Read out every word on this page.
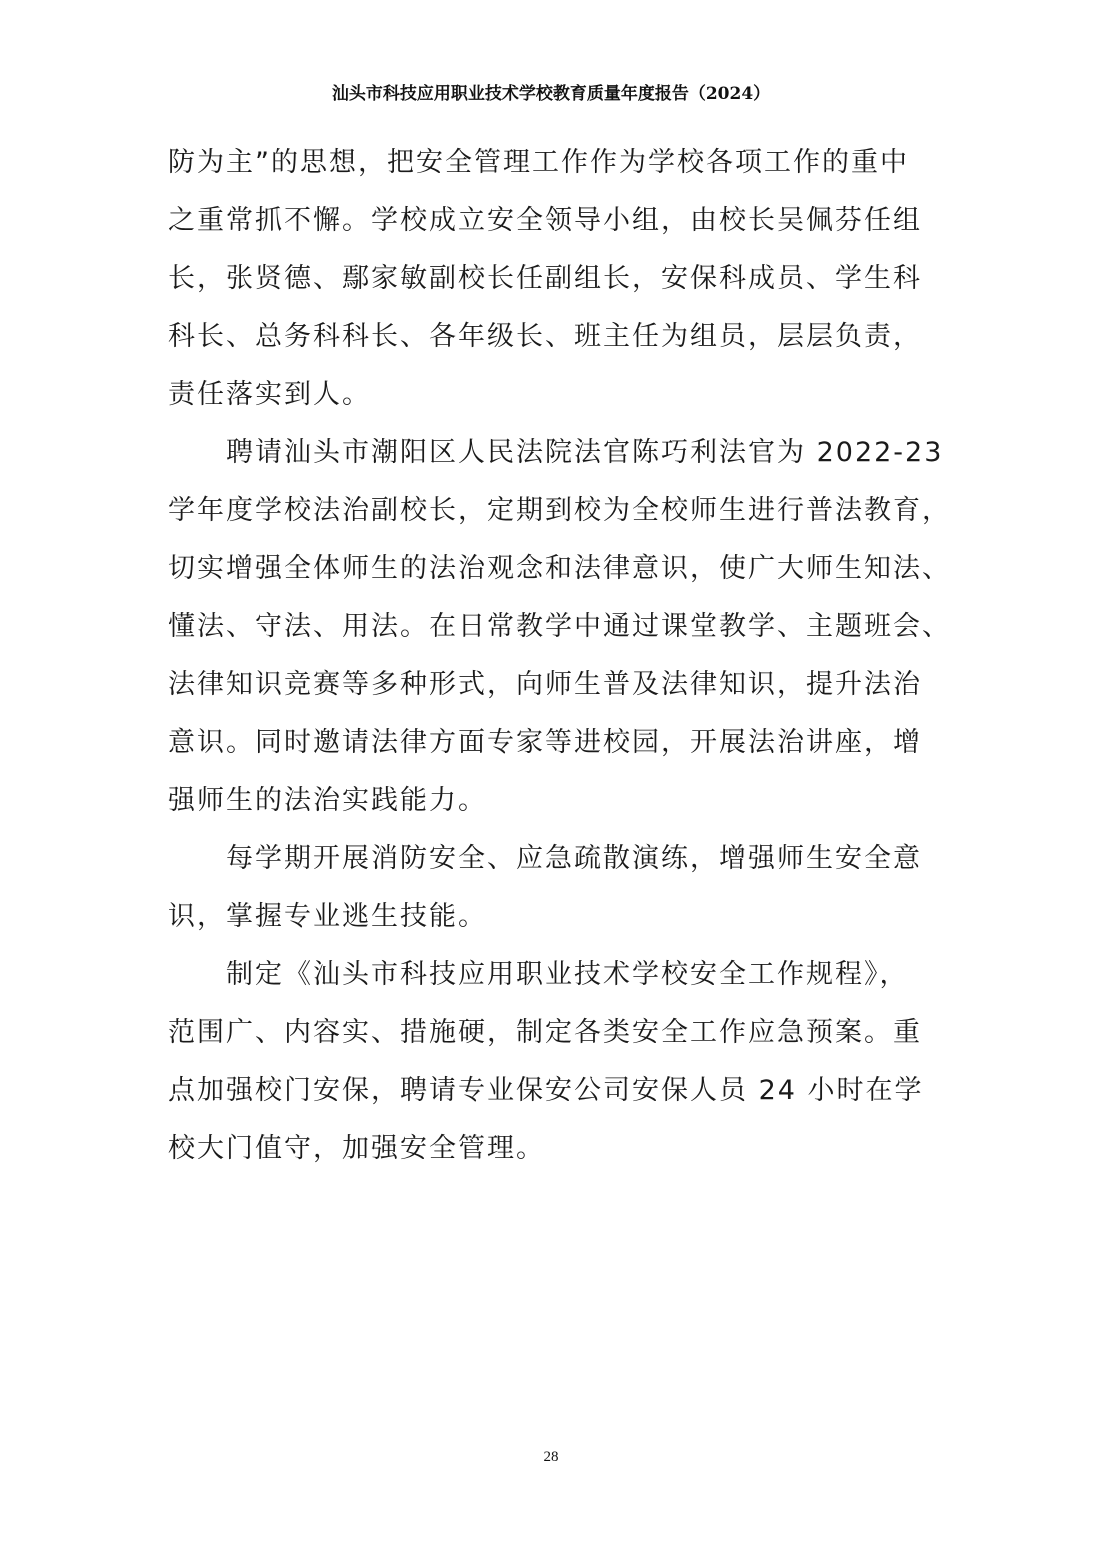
汕头市科技应用职业技术学校教育质量年度报告（2024）
防为主”的思想，把安全管理工作作为学校各项工作的重中
之重常抓不懈。学校成立安全领导小组，由校长吴佩芬任组
长，张贤德、鄢家敏副校长任副组长，安保科成员、学生科
科长、总务科科长、各年级长、班主任为组员，层层负责，
责任落实到人。
聘请汕头市潮阳区人民法院法官陈巧利法官为 2022-23
学年度学校法治副校长，定期到校为全校师生进行普法教育，
切实增强全体师生的法治观念和法律意识，使广大师生知法、
懂法、守法、用法。在日常教学中通过课堂教学、主题班会、
法律知识竞赛等多种形式，向师生普及法律知识，提升法治
意识。同时邀请法律方面专家等进校园，开展法治讲座，增
强师生的法治实践能力。
每学期开展消防安全、应急疏散演练，增强师生安全意
识，掌握专业逃生技能。
制定《汕头市科技应用职业技术学校安全工作规程》，
范围广、内容实、措施硬，制定各类安全工作应急预案。重
点加强校门安保，聘请专业保安公司安保人员 24 小时在学
校大门值守，加强安全管理。
28
